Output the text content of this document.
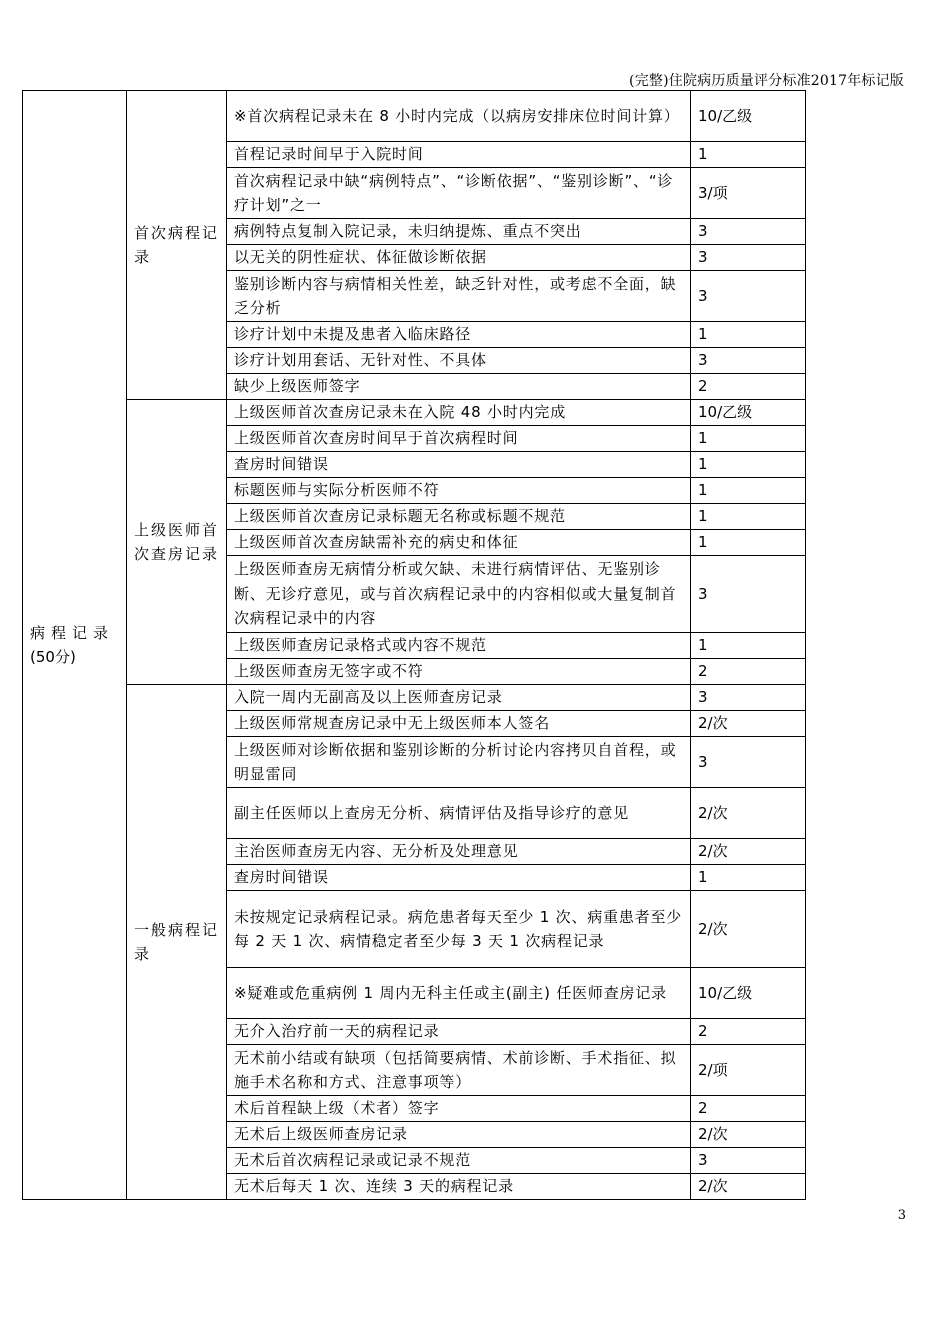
(完整)住院病历质量评分标准2017年标记版
病程记录
(50分)	首次病程记录	※首次病程记录未在 8 小时内完成（以病房安排床位时间计算）	10/乙级
		首程记录时间早于入院时间	1
		首次病程记录中缺“病例特点”、“诊断依据”、“鉴别诊断”、“诊疗计划”之一	3/项
		病例特点复制入院记录，未归纳提炼、重点不突出	3
		以无关的阴性症状、体征做诊断依据	3
		鉴别诊断内容与病情相关性差，缺乏针对性，或考虑不全面，缺乏分析	3
		诊疗计划中未提及患者入临床路径	1
		诊疗计划用套话、无针对性、不具体	3
		缺少上级医师签字	2
	上级医师首次查房记录	上级医师首次查房记录未在入院 48 小时内完成	10/乙级
		上级医师首次查房时间早于首次病程时间	1
		查房时间错误	1
		标题医师与实际分析医师不符	1
		上级医师首次查房记录标题无名称或标题不规范	1
		上级医师首次查房缺需补充的病史和体征	1
		上级医师查房无病情分析或欠缺、未进行病情评估、无鉴别诊断、无诊疗意见，或与首次病程记录中的内容相似或大量复制首次病程记录中的内容	3
		上级医师查房记录格式或内容不规范	1
		上级医师查房无签字或不符	2
	一般病程记录	入院一周内无副高及以上医师查房记录	3
		上级医师常规查房记录中无上级医师本人签名	2/次
		上级医师对诊断依据和鉴别诊断的分析讨论内容拷贝自首程，或明显雷同	3
		副主任医师以上查房无分析、病情评估及指导诊疗的意见	2/次
		主治医师查房无内容、无分析及处理意见	2/次
		查房时间错误	1
		未按规定记录病程记录。病危患者每天至少 1 次、病重患者至少每 2 天 1 次、病情稳定者至少每 3 天 1 次病程记录	2/次
		※疑难或危重病例 1 周内无科主任或主(副主) 任医师查房记录	10/乙级
		无介入治疗前一天的病程记录	2
		无术前小结或有缺项（包括简要病情、术前诊断、手术指征、拟施手术名称和方式、注意事项等）	2/项
		术后首程缺上级（术者）签字	2
		无术后上级医师查房记录	2/次
		无术后首次病程记录或记录不规范	3
		无术后每天 1 次、连续 3 天的病程记录	2/次
3
